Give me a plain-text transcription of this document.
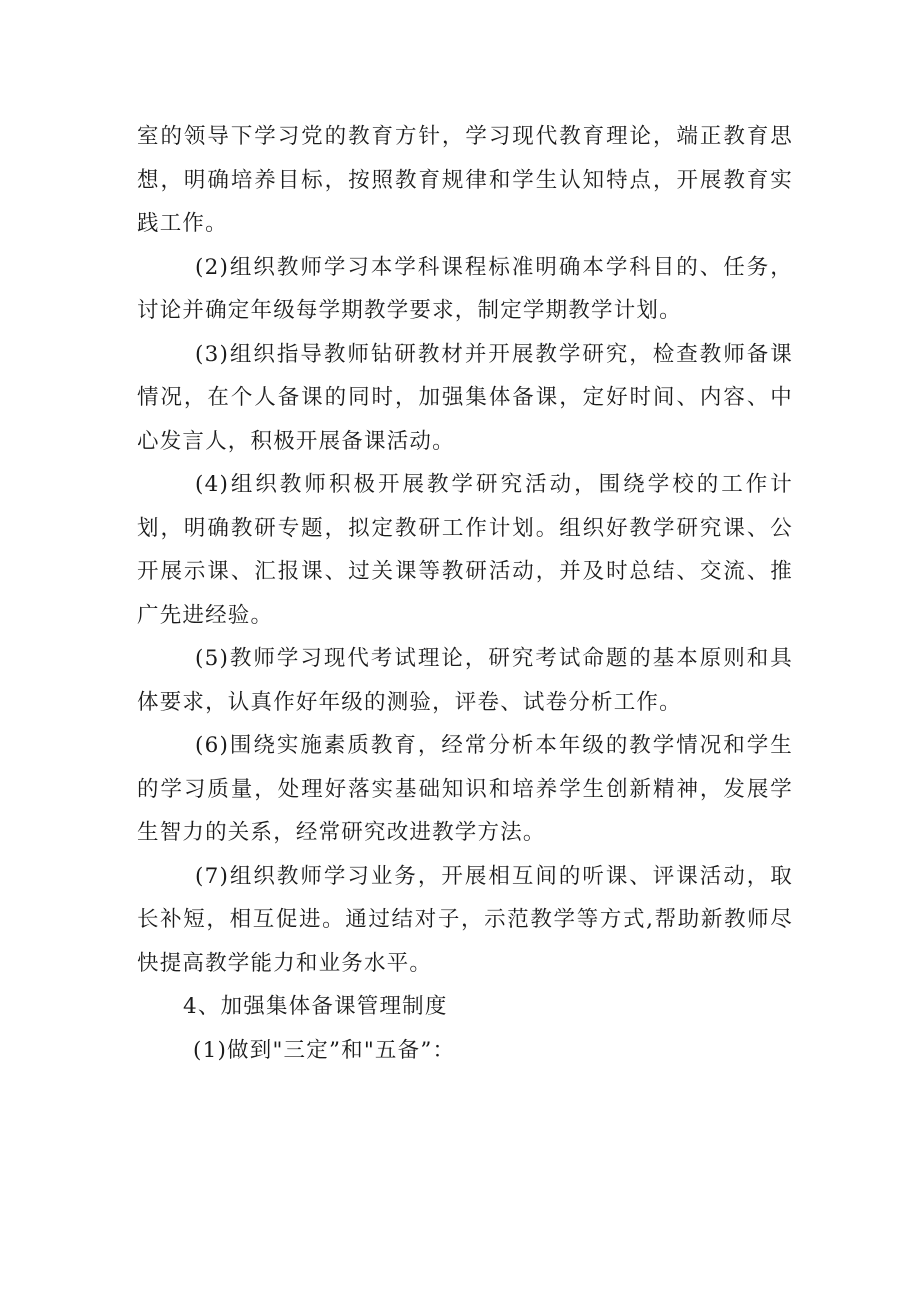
室的领导下学习党的教育方针，学习现代教育理论，端正教育思想，明确培养目标，按照教育规律和学生认知特点，开展教育实践工作。

(2)组织教师学习本学科课程标准明确本学科目的、任务，讨论并确定年级每学期教学要求，制定学期教学计划。

(3)组织指导教师钻研教材并开展教学研究，检查教师备课情况，在个人备课的同时，加强集体备课，定好时间、内容、中心发言人，积极开展备课活动。

(4)组织教师积极开展教学研究活动，围绕学校的工作计划，明确教研专题，拟定教研工作计划。组织好教学研究课、公开展示课、汇报课、过关课等教研活动，并及时总结、交流、推广先进经验。

(5)教师学习现代考试理论，研究考试命题的基本原则和具体要求，认真作好年级的测验，评卷、试卷分析工作。

(6)围绕实施素质教育，经常分析本年级的教学情况和学生的学习质量，处理好落实基础知识和培养学生创新精神，发展学生智力的关系，经常研究改进教学方法。

(7)组织教师学习业务，开展相互间的听课、评课活动，取长补短，相互促进。通过结对子，示范教学等方式,帮助新教师尽快提高教学能力和业务水平。

4、加强集体备课管理制度

(1)做到"三定”和"五备”：
